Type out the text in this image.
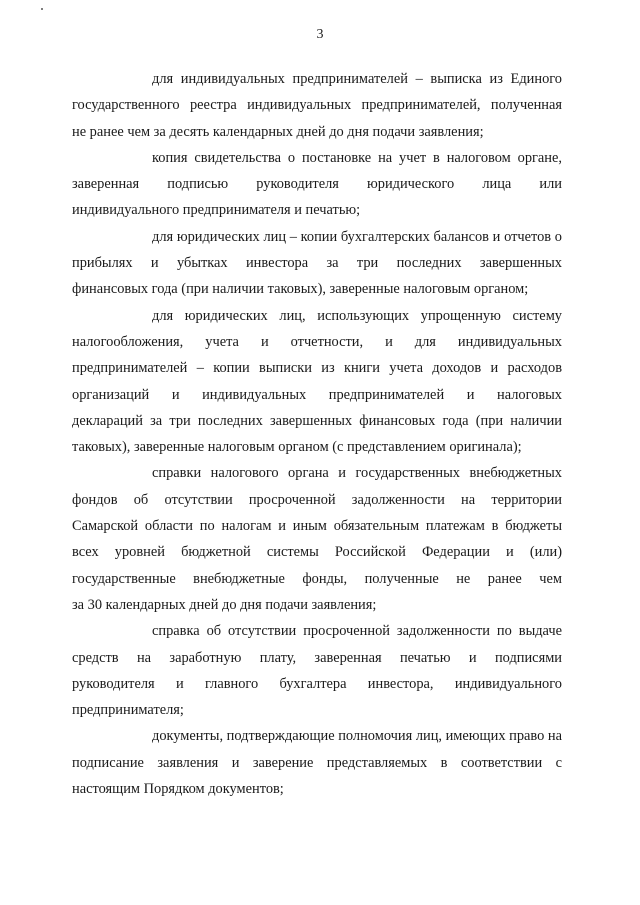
3
для индивидуальных предпринимателей – выписка из Единого
государственного реестра индивидуальных предпринимателей, полученная
не ранее чем за десять календарных дней до дня подачи заявления;
копия свидетельства о постановке на учет в налоговом органе,
заверенная подписью руководителя юридического лица или
индивидуального предпринимателя и печатью;
для юридических лиц – копии бухгалтерских балансов и отчетов о
прибылях и убытках инвестора за три последних завершенных
финансовых года (при наличии таковых), заверенные налоговым органом;
для юридических лиц, использующих упрощенную систему
налогообложения, учета и отчетности, и для индивидуальных
предпринимателей – копии выписки из книги учета доходов и расходов
организаций и индивидуальных предпринимателей и налоговых
деклараций за три последних завершенных финансовых года (при наличии
таковых), заверенные налоговым органом (с представлением оригинала);
справки налогового органа и государственных внебюджетных
фондов об отсутствии просроченной задолженности на территории
Самарской области по налогам и иным обязательным платежам в бюджеты
всех уровней бюджетной системы Российской Федерации и (или)
государственные внебюджетные фонды, полученные не ранее чем
за 30 календарных дней до дня подачи заявления;
справка об отсутствии просроченной задолженности по выдаче
средств на заработную плату, заверенная печатью и подписями
руководителя и главного бухгалтера инвестора, индивидуального
предпринимателя;
документы, подтверждающие полномочия лиц, имеющих право на
подписание заявления и заверение представляемых в соответствии с
настоящим Порядком документов;
